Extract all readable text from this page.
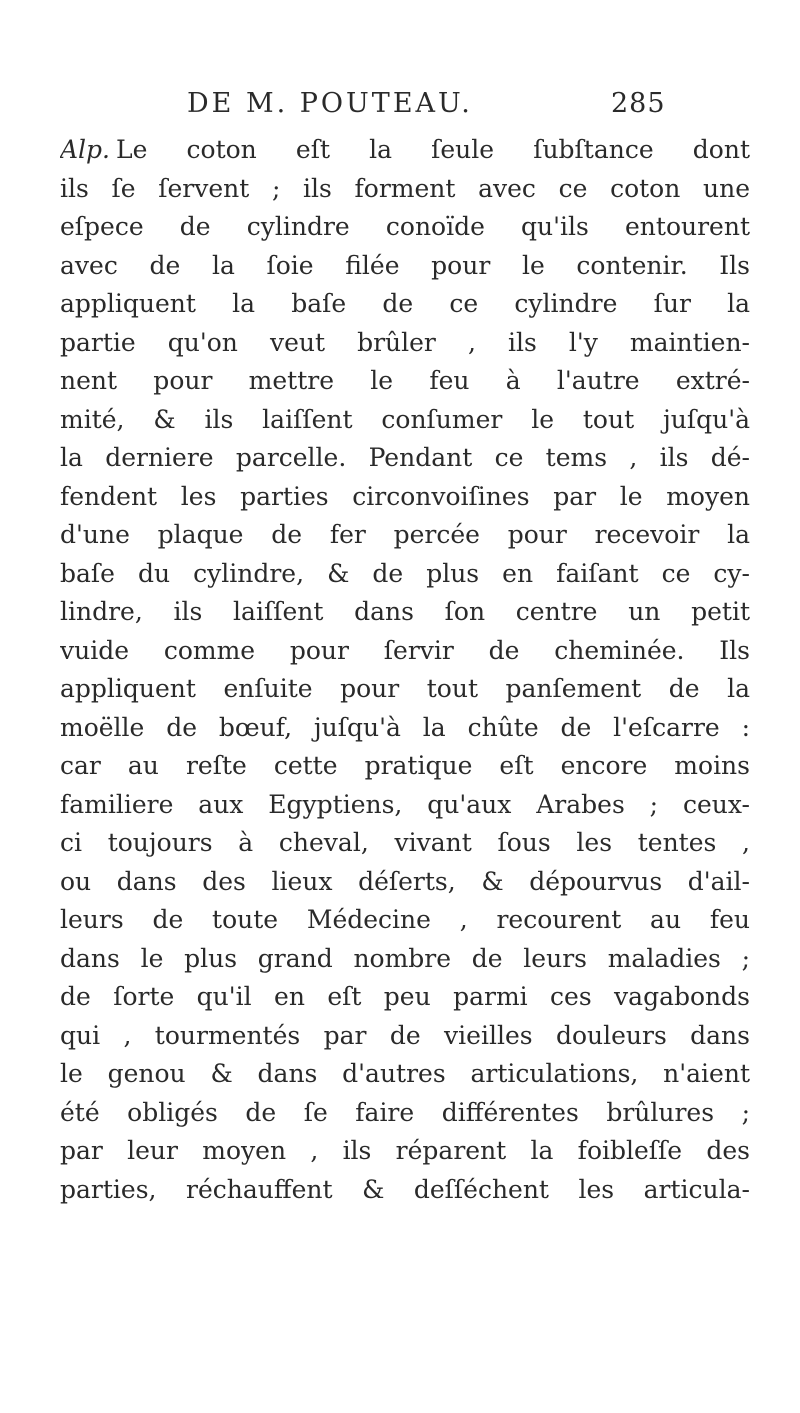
DE M. POUTEAU.	285
Alp. Le coton eſt la ſeule ſubſtance dont
ils ſe ſervent ; ils forment avec ce coton une
eſpece de cylindre conoïde qu'ils entourent
avec de la ſoie filée pour le contenir. Ils
appliquent la baſe de ce cylindre ſur la
partie qu'on veut brûler , ils l'y maintien-
nent pour mettre le feu à l'autre extré-
mité, & ils laiſſent conſumer le tout juſqu'à
la derniere parcelle. Pendant ce tems , ils dé-
fendent les parties circonvoiſines par le moyen
d'une plaque de fer percée pour recevoir la
baſe du cylindre, & de plus en faiſant ce cy-
lindre, ils laiſſent dans ſon centre un petit
vuide comme pour ſervir de cheminée. Ils
appliquent enſuite pour tout panſement de la
moëlle de bœuf, juſqu'à la chûte de l'eſcarre :
car au reſte cette pratique eſt encore moins
familiere aux Egyptiens, qu'aux Arabes ; ceux-
ci toujours à cheval, vivant ſous les tentes ,
ou dans des lieux déſerts, & dépourvus d'ail-
leurs de toute Médecine , recourent au feu
dans le plus grand nombre de leurs maladies ;
de ſorte qu'il en eſt peu parmi ces vagabonds
qui , tourmentés par de vieilles douleurs dans
le genou & dans d'autres articulations, n'aient
été obligés de ſe faire différentes brûlures ;
par leur moyen , ils réparent la foibleſſe des
parties, réchauffent & deſſéchent les articula-
